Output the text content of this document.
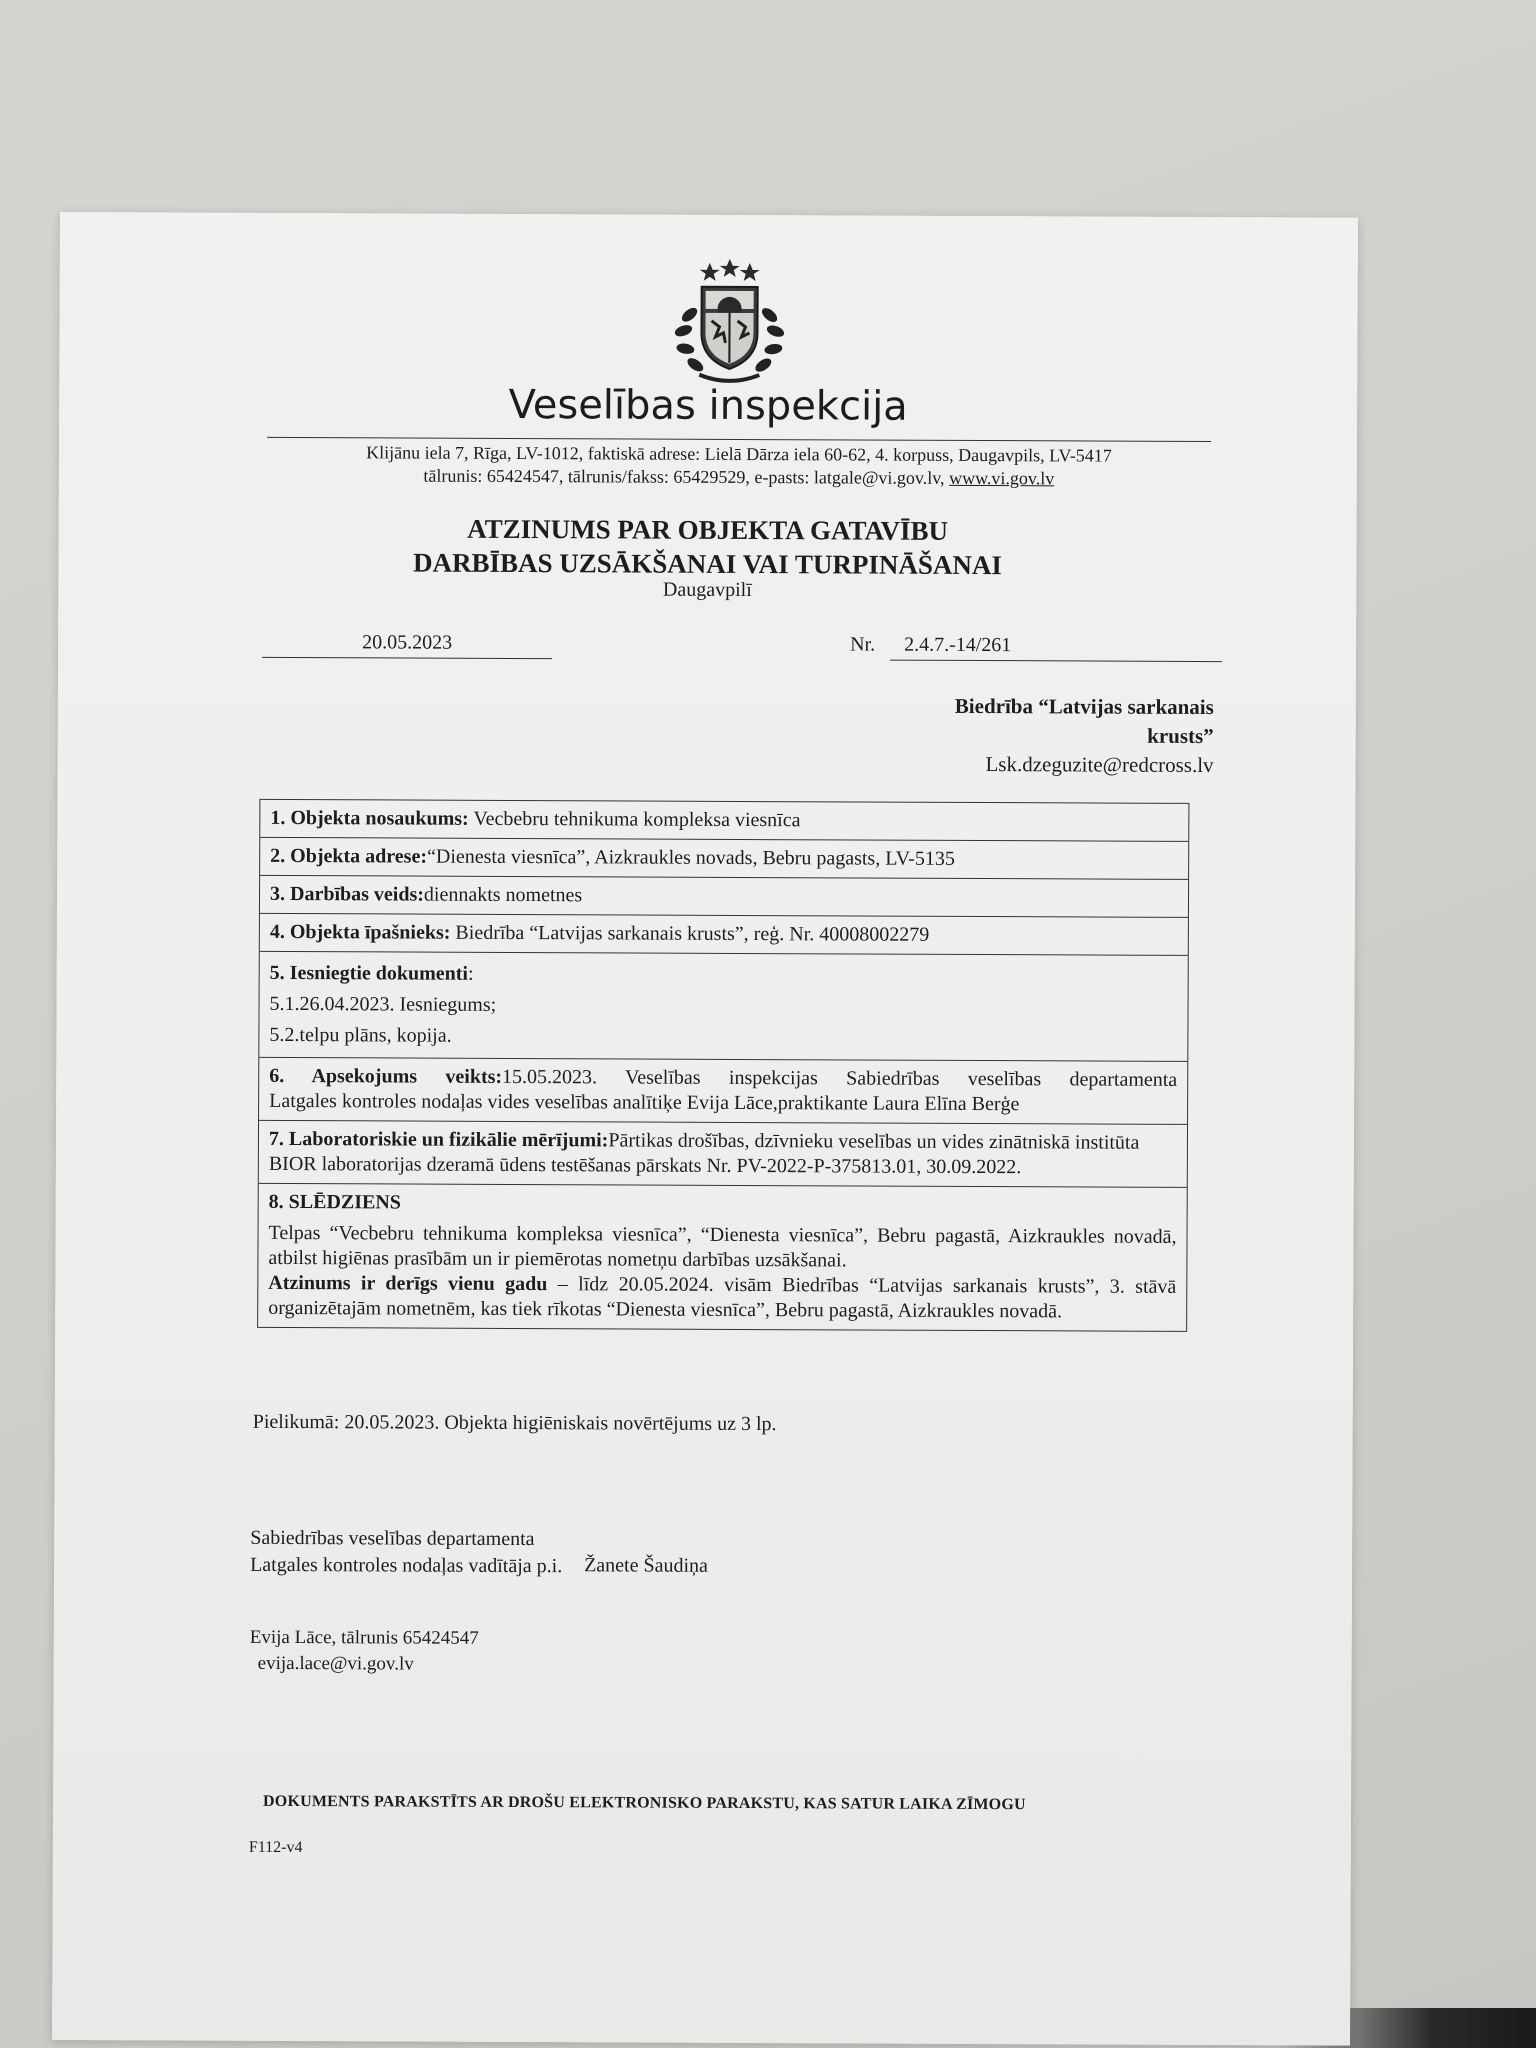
Veselības inspekcija
Klijānu iela 7, Rīga, LV-1012, faktiskā adrese: Lielā Dārza iela 60-62, 4. korpuss, Daugavpils, LV-5417
tālrunis: 65424547, tālrunis/fakss: 65429529, e-pasts: latgale@vi.gov.lv, www.vi.gov.lv
ATZINUMS PAR OBJEKTA GATAVĪBU
DARBĪBAS UZSĀKŠANAI VAI TURPINĀŠANAI
Daugavpilī
20.05.2023	Nr.	2.4.7.-14/261
Biedrība “Latvijas sarkanais
krusts”
Lsk.dzeguzite@redcross.lv
1. Objekta nosaukums: Vecbebru tehnikuma kompleksa viesnīca
2. Objekta adrese:“Dienesta viesnīca”, Aizkraukles novads, Bebru pagasts, LV-5135
3. Darbības veids:diennakts nometnes
4. Objekta īpašnieks: Biedrība “Latvijas sarkanais krusts”, reģ. Nr. 40008002279
5. Iesniegtie dokumenti:
5.1.26.04.2023. Iesniegums;
5.2.telpu plāns, kopija.
6. Apsekojums veikts:15.05.2023. Veselības inspekcijas Sabiedrības veselības departamenta
Latgales kontroles nodaļas vides veselības analītiķe Evija Lāce,praktikante Laura Elīna Berģe
7. Laboratoriskie un fizikālie mērījumi:Pārtikas drošības, dzīvnieku veselības un vides zinātniskā institūta BIOR laboratorijas dzeramā ūdens testēšanas pārskats Nr. PV-2022-P-375813.01, 30.09.2022.
8. SLĒDZIENS
Telpas “Vecbebru tehnikuma kompleksa viesnīca”, “Dienesta viesnīca”, Bebru pagastā, Aizkraukles novadā, atbilst higiēnas prasībām un ir piemērotas nometņu darbības uzsākšanai.
Atzinums ir derīgs vienu gadu – līdz 20.05.2024. visām Biedrības “Latvijas sarkanais krusts”, 3. stāvā organizētajām nometnēm, kas tiek rīkotas “Dienesta viesnīca”, Bebru pagastā, Aizkraukles novadā.
Pielikumā: 20.05.2023. Objekta higiēniskais novērtējums uz 3 lp.
Sabiedrības veselības departamenta
Latgales kontroles nodaļas vadītāja p.i. Žanete Šaudiņa
Evija Lāce, tālrunis 65424547
evija.lace@vi.gov.lv
DOKUMENTS PARAKSTĪTS AR DROŠU ELEKTRONISKO PARAKSTU, KAS SATUR LAIKA ZĪMOGU
F112-v4
